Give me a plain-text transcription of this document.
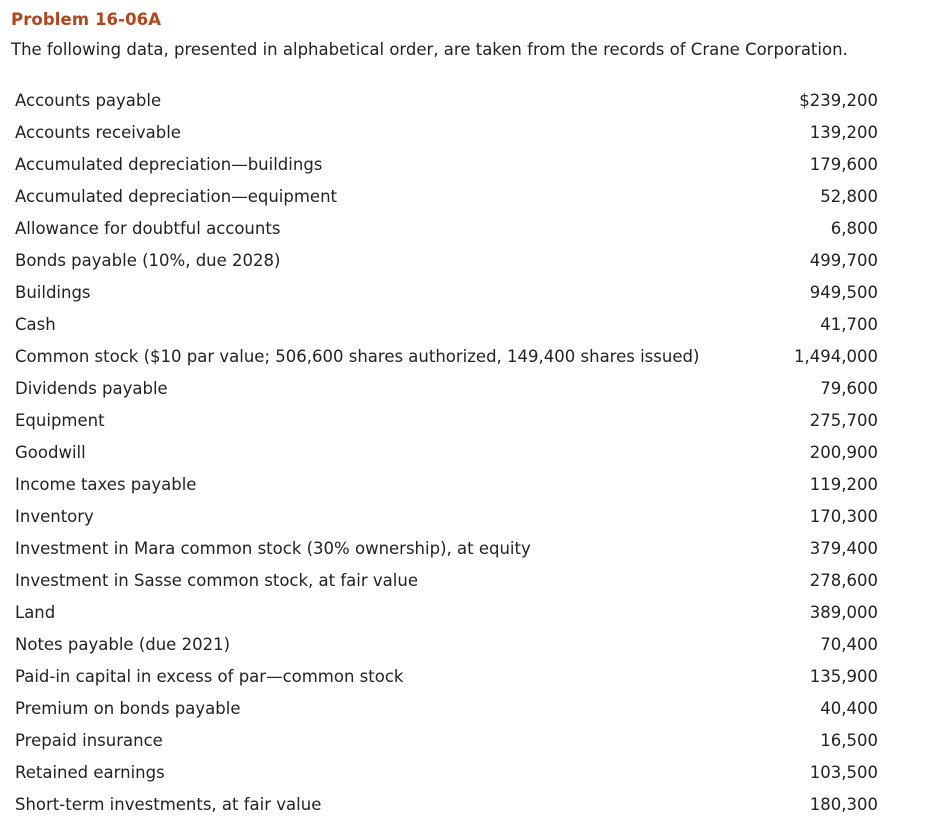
Problem 16-06A
The following data, presented in alphabetical order, are taken from the records of Crane Corporation.
Accounts payable	$239,200
Accounts receivable	139,200
Accumulated depreciation—buildings	179,600
Accumulated depreciation—equipment	52,800
Allowance for doubtful accounts	6,800
Bonds payable (10%, due 2028)	499,700
Buildings	949,500
Cash	41,700
Common stock ($10 par value; 506,600 shares authorized, 149,400 shares issued)	1,494,000
Dividends payable	79,600
Equipment	275,700
Goodwill	200,900
Income taxes payable	119,200
Inventory	170,300
Investment in Mara common stock (30% ownership), at equity	379,400
Investment in Sasse common stock, at fair value	278,600
Land	389,000
Notes payable (due 2021)	70,400
Paid-in capital in excess of par—common stock	135,900
Premium on bonds payable	40,400
Prepaid insurance	16,500
Retained earnings	103,500
Short-term investments, at fair value	180,300
